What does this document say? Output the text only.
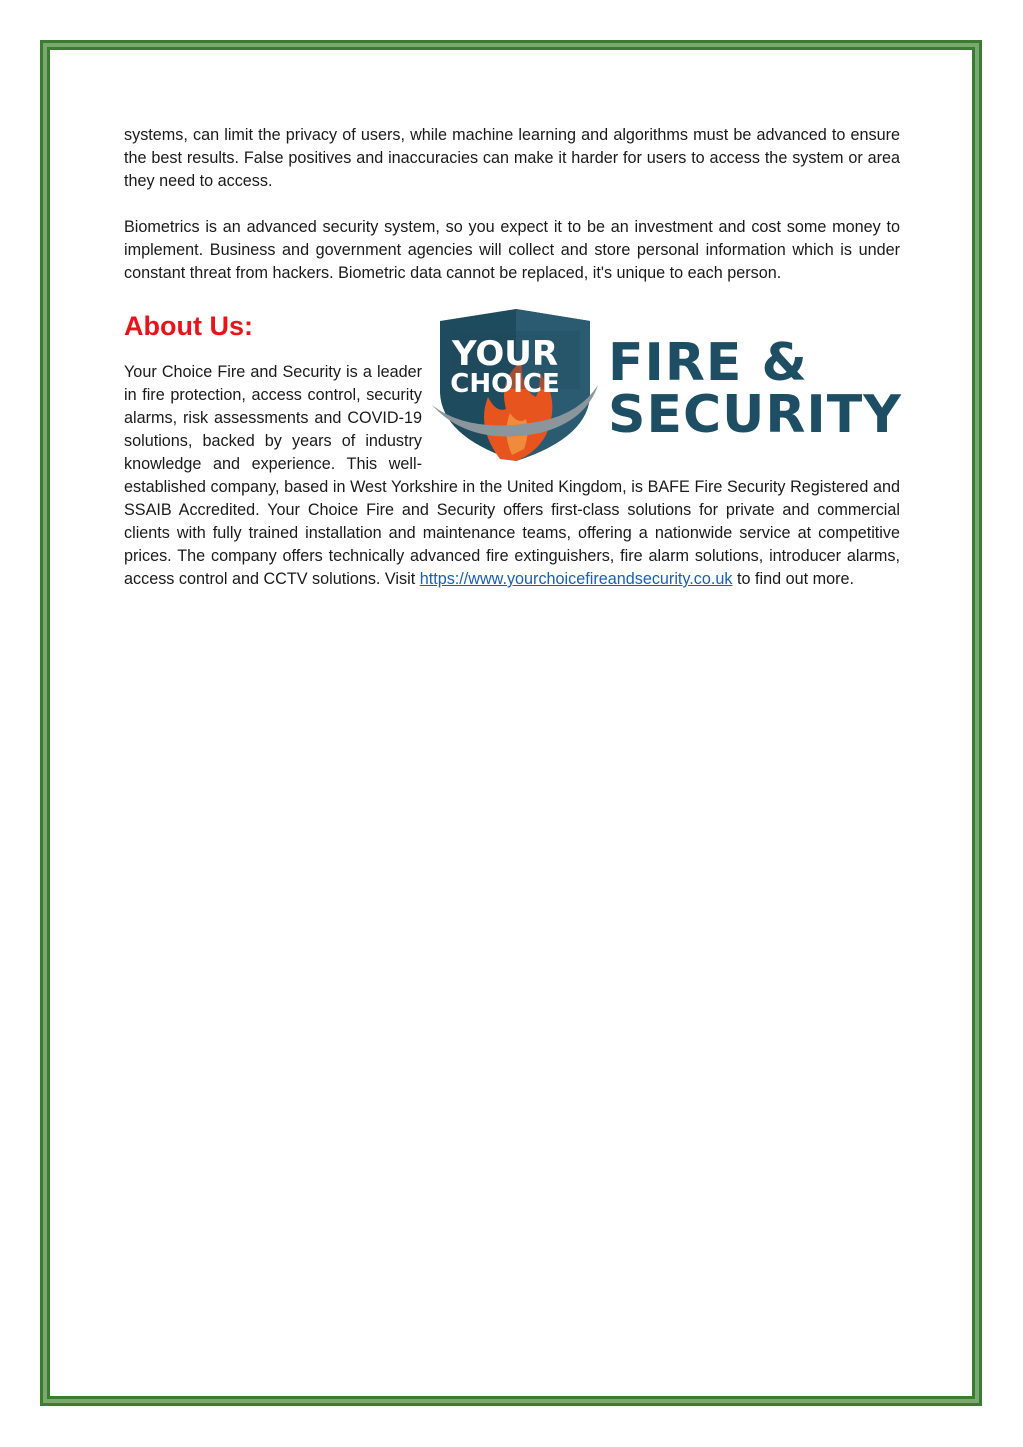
systems, can limit the privacy of users, while machine learning and algorithms must be advanced to ensure the best results. False positives and inaccuracies can make it harder for users to access the system or area they need to access.

Biometrics is an advanced security system, so you expect it to be an investment and cost some money to implement. Business and government agencies will collect and store personal information which is under constant threat from hackers. Biometric data cannot be replaced, it's unique to each person.

About Us:
YOUR
CHOICE FIRE &
SECURITY

Your Choice Fire and Security is a leader in fire protection, access control, security alarms, risk assessments and COVID-19 solutions, backed by years of industry knowledge and experience. This well-established company, based in West Yorkshire in the United Kingdom, is BAFE Fire Security Registered and SSAIB Accredited. Your Choice Fire and Security offers first-class solutions for private and commercial clients with fully trained installation and maintenance teams, offering a nationwide service at competitive prices. The company offers technically advanced fire extinguishers, fire alarm solutions, introducer alarms, access control and CCTV solutions. Visit https://www.yourchoicefireandsecurity.co.uk to find out more.
